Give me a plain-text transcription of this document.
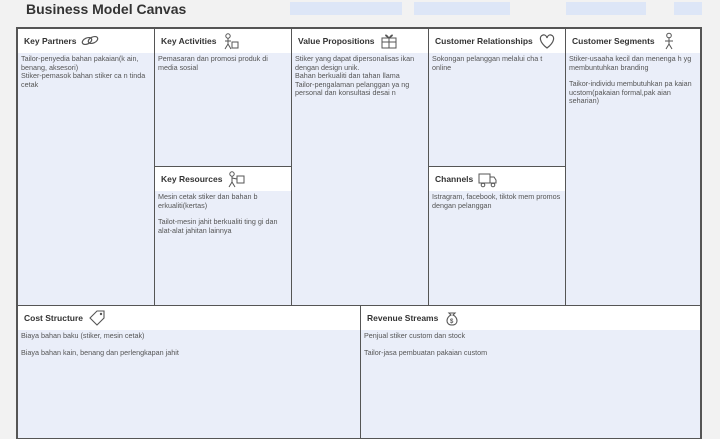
Business Model Canvas
Key Partners

Tailor-penyedia bahan pakaian(k ain, benang, aksesori)
Stiker-pemasok bahan stiker ca n tinda cetak

Key Activities

Pemasaran dan promosi produk di media sosial

Key Resources

Mesin cetak stiker dan bahan b erkualiti(kertas)

Tailot-mesin jahit berkualiti ting gi dan alat-alat jahitan lainnya

Value Propositions

Stiker yang dapat dipersonalisas ikan dengan design unik.
Bahan berkualiti dan tahan llama
Tailor-pengalaman pelanggan ya ng personal dan konsultasi desai n

Customer Relationships

Sokongan pelanggan melalui cha t online

Channels

Istragram, facebook, tiktok mem promos dengan pelanggan

Customer Segments

Stiker-usaaha kecil dan menenga h yg membuntuhkan branding

Taikor-individu membutuhkan pa kaian ucstom(pakaian formal,pak aian seharian)

Cost Structure

Biaya bahan baku (stiker, mesin cetak)

Biaya bahan kain, benang dan perlengkapan jahit

Revenue Streams $

Penjual stiker custom dan stock

Tailor-jasa pembuatan pakaian custom
